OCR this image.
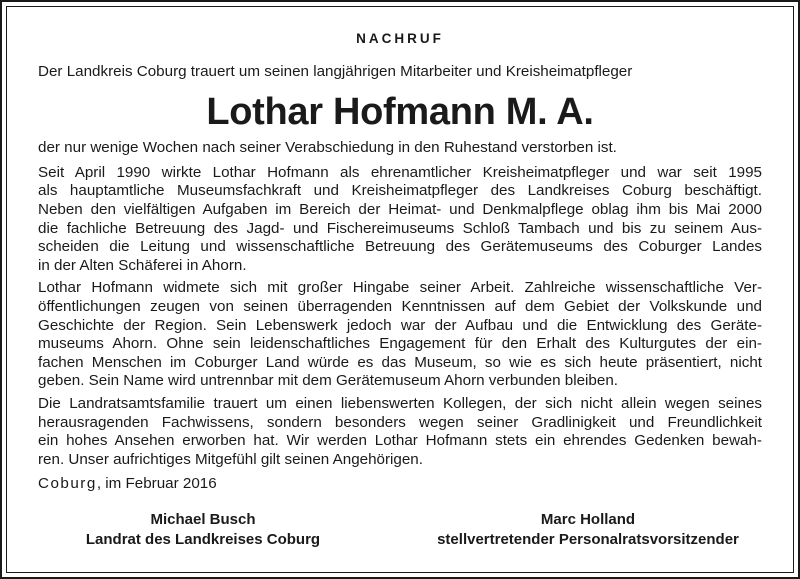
NACHRUF

Der Landkreis Coburg trauert um seinen langjährigen Mitarbeiter und Kreisheimatpfleger

Lothar Hofmann M. A.

der nur wenige Wochen nach seiner Verabschiedung in den Ruhestand verstorben ist.

Seit April 1990 wirkte Lothar Hofmann als ehrenamtlicher Kreisheimatpfleger und war seit 1995
als hauptamtliche Museumsfachkraft und Kreisheimatpfleger des Landkreises Coburg beschäftigt.
Neben den vielfältigen Aufgaben im Bereich der Heimat- und Denkmalpflege oblag ihm bis Mai 2000
die fachliche Betreuung des Jagd- und Fischereimuseums Schloß Tambach und bis zu seinem Aus-
scheiden die Leitung und wissenschaftliche Betreuung des Gerätemuseums des Coburger Landes
in der Alten Schäferei in Ahorn.
Lothar Hofmann widmete sich mit großer Hingabe seiner Arbeit. Zahlreiche wissenschaftliche Ver-
öffentlichungen zeugen von seinen überragenden Kenntnissen auf dem Gebiet der Volkskunde und
Geschichte der Region. Sein Lebenswerk jedoch war der Aufbau und die Entwicklung des Geräte-
museums Ahorn. Ohne sein leidenschaftliches Engagement für den Erhalt des Kulturgutes der ein-
fachen Menschen im Coburger Land würde es das Museum, so wie es sich heute präsentiert, nicht
geben. Sein Name wird untrennbar mit dem Gerätemuseum Ahorn verbunden bleiben.
Die Landratsamtsfamilie trauert um einen liebenswerten Kollegen, der sich nicht allein wegen seines
herausragenden Fachwissens, sondern besonders wegen seiner Gradlinigkeit und Freundlichkeit
ein hohes Ansehen erworben hat. Wir werden Lothar Hofmann stets ein ehrendes Gedenken bewah-
ren. Unser aufrichtiges Mitgefühl gilt seinen Angehörigen.

Coburg, im Februar 2016

Michael Busch
Landrat des Landkreises Coburg
Marc Holland
stellvertretender Personalratsvorsitzender
